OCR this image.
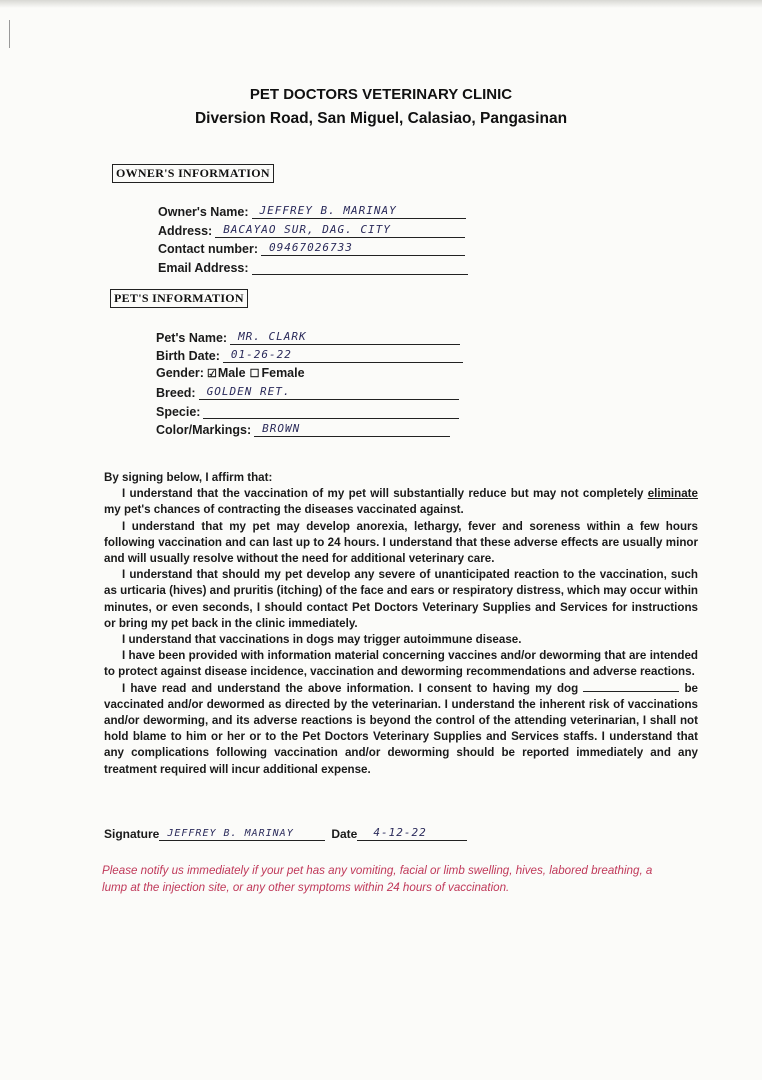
PET DOCTORS VETERINARY CLINIC
Diversion Road, San Miguel, Calasiao, Pangasinan
OWNER'S INFORMATION
Owner's Name: JEFFREY B. MARINAY
Address: BACAYAO SUR, DAG. CITY
Contact number: 09467026733
Email Address:
PET'S INFORMATION
Pet's Name: MR. CLARK
Birth Date: 01-26-22
Gender: ☑ Male ☐ Female
Breed: GOLDEN RET.
Specie:
Color/Markings: BROWN

By signing below, I affirm that:

I understand that the vaccination of my pet will substantially reduce but may not completely eliminate my pet's chances of contracting the diseases vaccinated against.

I understand that my pet may develop anorexia, lethargy, fever and soreness within a few hours following vaccination and can last up to 24 hours. I understand that these adverse effects are usually minor and will usually resolve without the need for additional veterinary care.

I understand that should my pet develop any severe of unanticipated reaction to the vaccination, such as urticaria (hives) and pruritis (itching) of the face and ears or respiratory distress, which may occur within minutes, or even seconds, I should contact Pet Doctors Veterinary Supplies and Services for instructions or bring my pet back in the clinic immediately.

I understand that vaccinations in dogs may trigger autoimmune disease.

I have been provided with information material concerning vaccines and/or deworming that are intended to protect against disease incidence, vaccination and deworming recommendations and adverse reactions.

I have read and understand the above information. I consent to having my dog	be vaccinated and/or dewormed as directed by the veterinarian. I understand the inherent risk of vaccinations and/or deworming, and its adverse reactions is beyond the control of the attending veterinarian, I shall not hold blame to him or her or to the Pet Doctors Veterinary Supplies and Services staffs. I understand that any complications following vaccination and/or deworming should be reported immediately and any treatment required will incur additional expense.

Signature JEFFREY B. MARINAY	Date 4-12-22
Please notify us immediately if your pet has any vomiting, facial or limb swelling, hives, labored breathing, a lump at the injection site, or any other symptoms within 24 hours of vaccination.
